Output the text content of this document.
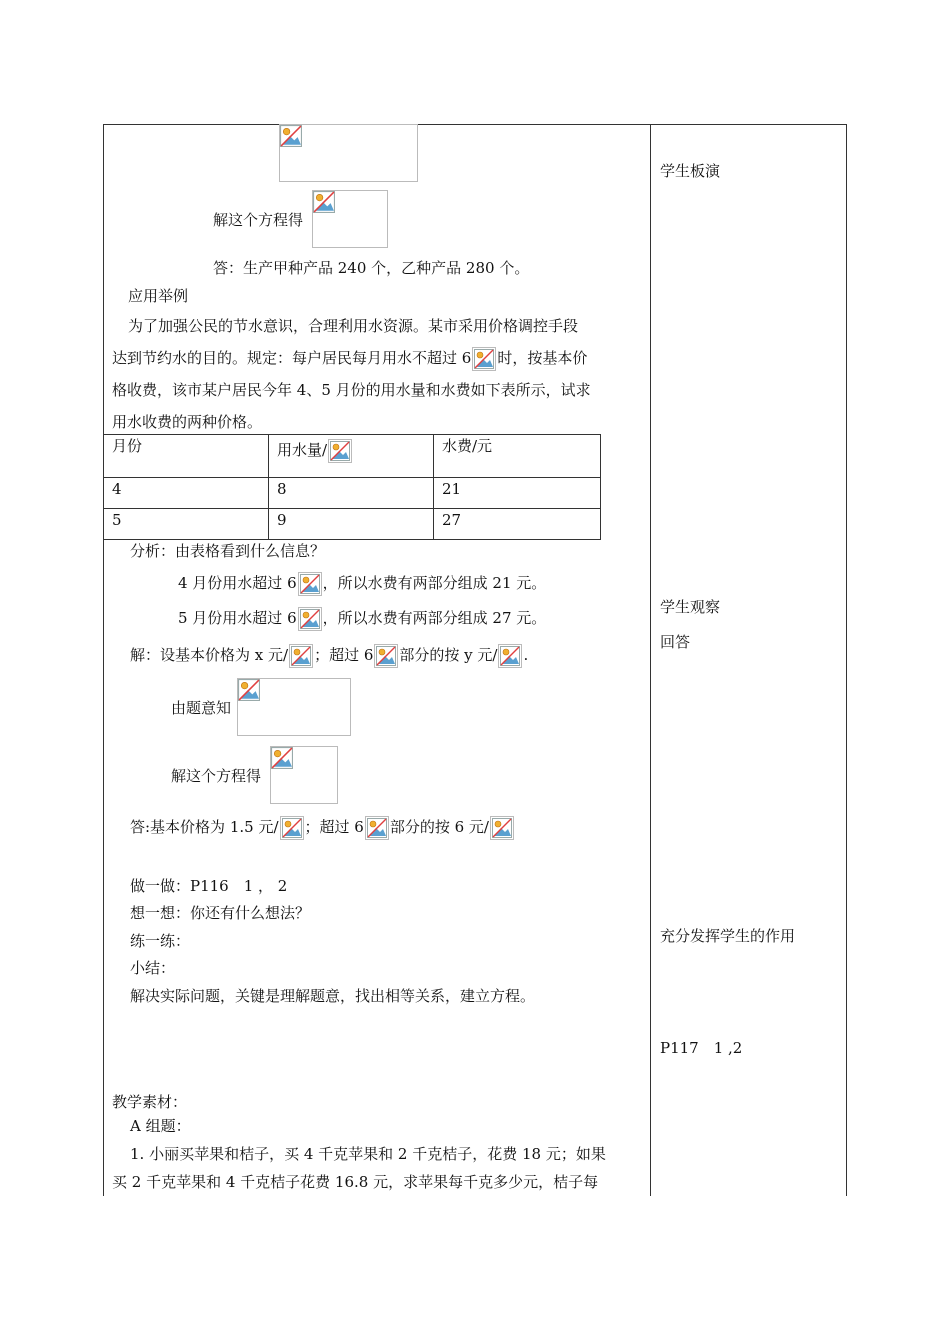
学生板演
学生观察
回答
充分发挥学生的作用
P117　1 ,2
解这个方程得
答：生产甲种产品 240 个，乙种产品 280 个。
应用举例
为了加强公民的节水意识，合理利用水资源。某市采用价格调控手段
达到节约水的目的。规定：每户居民每月用水不超过 6 时，按基本价
格收费，该市某户居民今年 4、5 月份的用水量和水费如下表所示，试求
用水收费的两种价格。
月份	用水量/	水费/元
4	8	21
5	9	27
分析：由表格看到什么信息？
4 月份用水超过 6 ，所以水费有两部分组成 21 元。
5 月份用水超过 6 ，所以水费有两部分组成 27 元。
解：设基本价格为 x 元/ ；超过 6 部分的按 y 元/ .
由题意知
解这个方程得
答:基本价格为 1.5 元/ ；超过 6 部分的按 6 元/
做一做：P116　1 ， 2
想一想：你还有什么想法？
练一练：
小结：
解决实际问题，关键是理解题意，找出相等关系，建立方程。
教学素材：
A 组题：
1. 小丽买苹果和桔子，买 4 千克苹果和 2 千克桔子，花费 18 元；如果
买 2 千克苹果和 4 千克桔子花费 16.8 元，求苹果每千克多少元，桔子每
